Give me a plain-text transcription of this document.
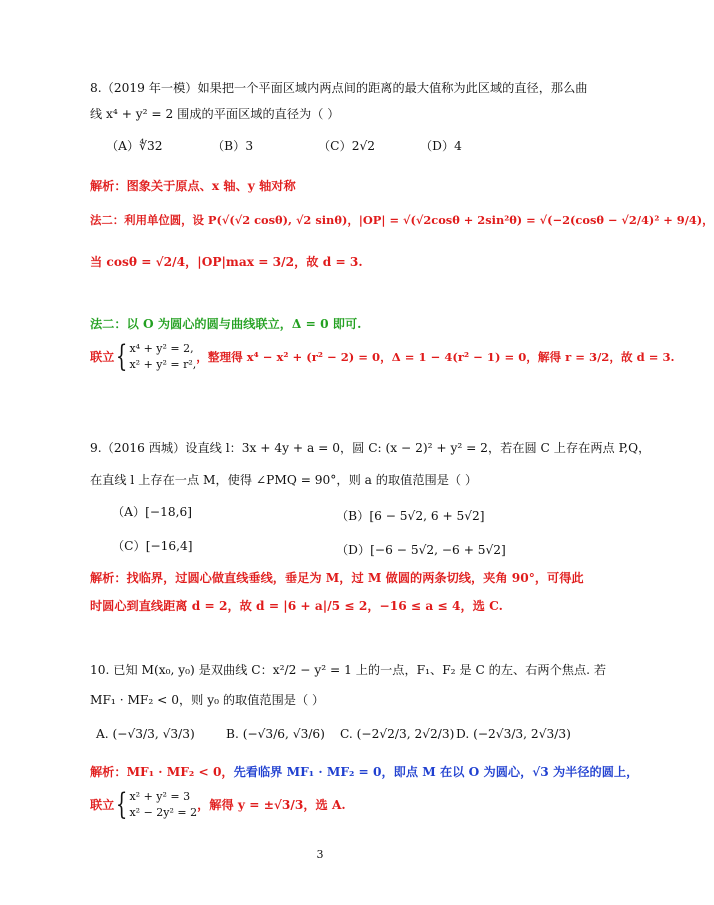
8.（2019 年一模）如果把一个平面区域内两点间的距离的最大值称为此区域的直径，那么曲
线 x⁴ + y² = 2 围成的平面区域的直径为（ ）
（A）∜32	（B）3	（C）2√2	（D）4
解析：图象关于原点、x 轴、y 轴对称
法二：利用单位圆，设 P(√(√2 cosθ), √2 sinθ)，|OP| = √(√2cosθ + 2sin²θ) = √(−2(cosθ − √2/4)² + 9/4)，
当 cosθ = √2/4，|OP|max = 3/2，故 d = 3.
法二：以 O 为圆心的圆与曲线联立，Δ = 0 即可.
联立 { x⁴ + y² = 2,
x² + y² = r²,
，整理得 x⁴ − x² + (r² − 2) = 0，Δ = 1 − 4(r² − 1) = 0，解得 r = 3/2，故 d = 3.
9.（2016 西城）设直线 l：3x + 4y + a = 0，圆 C: (x − 2)² + y² = 2，若在圆 C 上存在两点 P,Q，
在直线 l 上存在一点 M，使得 ∠PMQ = 90°，则 a 的取值范围是（ ）
（A）[−18,6]	（B）[6 − 5√2, 6 + 5√2]
（C）[−16,4]	（D）[−6 − 5√2, −6 + 5√2]
解析：找临界，过圆心做直线垂线，垂足为 M，过 M 做圆的两条切线，夹角 90°，可得此
时圆心到直线距离 d = 2，故 d = |6 + a|/5 ≤ 2，−16 ≤ a ≤ 4，选 C.
10. 已知 M(x₀, y₀) 是双曲线 C：x²/2 − y² = 1 上的一点，F₁、F₂ 是 C 的左、右两个焦点. 若
MF₁ · MF₂ < 0，则 y₀ 的取值范围是（ ）
A. (−√3/3, √3/3)	B. (−√3/6, √3/6) C. (−2√2/3, 2√2/3) D. (−2√3/3, 2√3/3)
解析：MF₁ · MF₂ < 0，先看临界 MF₁ · MF₂ = 0，即点 M 在以 O 为圆心，√3 为半径的圆上，
联立 { x² + y² = 3
x² − 2y² = 2
，解得 y = ±√3/3，选 A.
3
